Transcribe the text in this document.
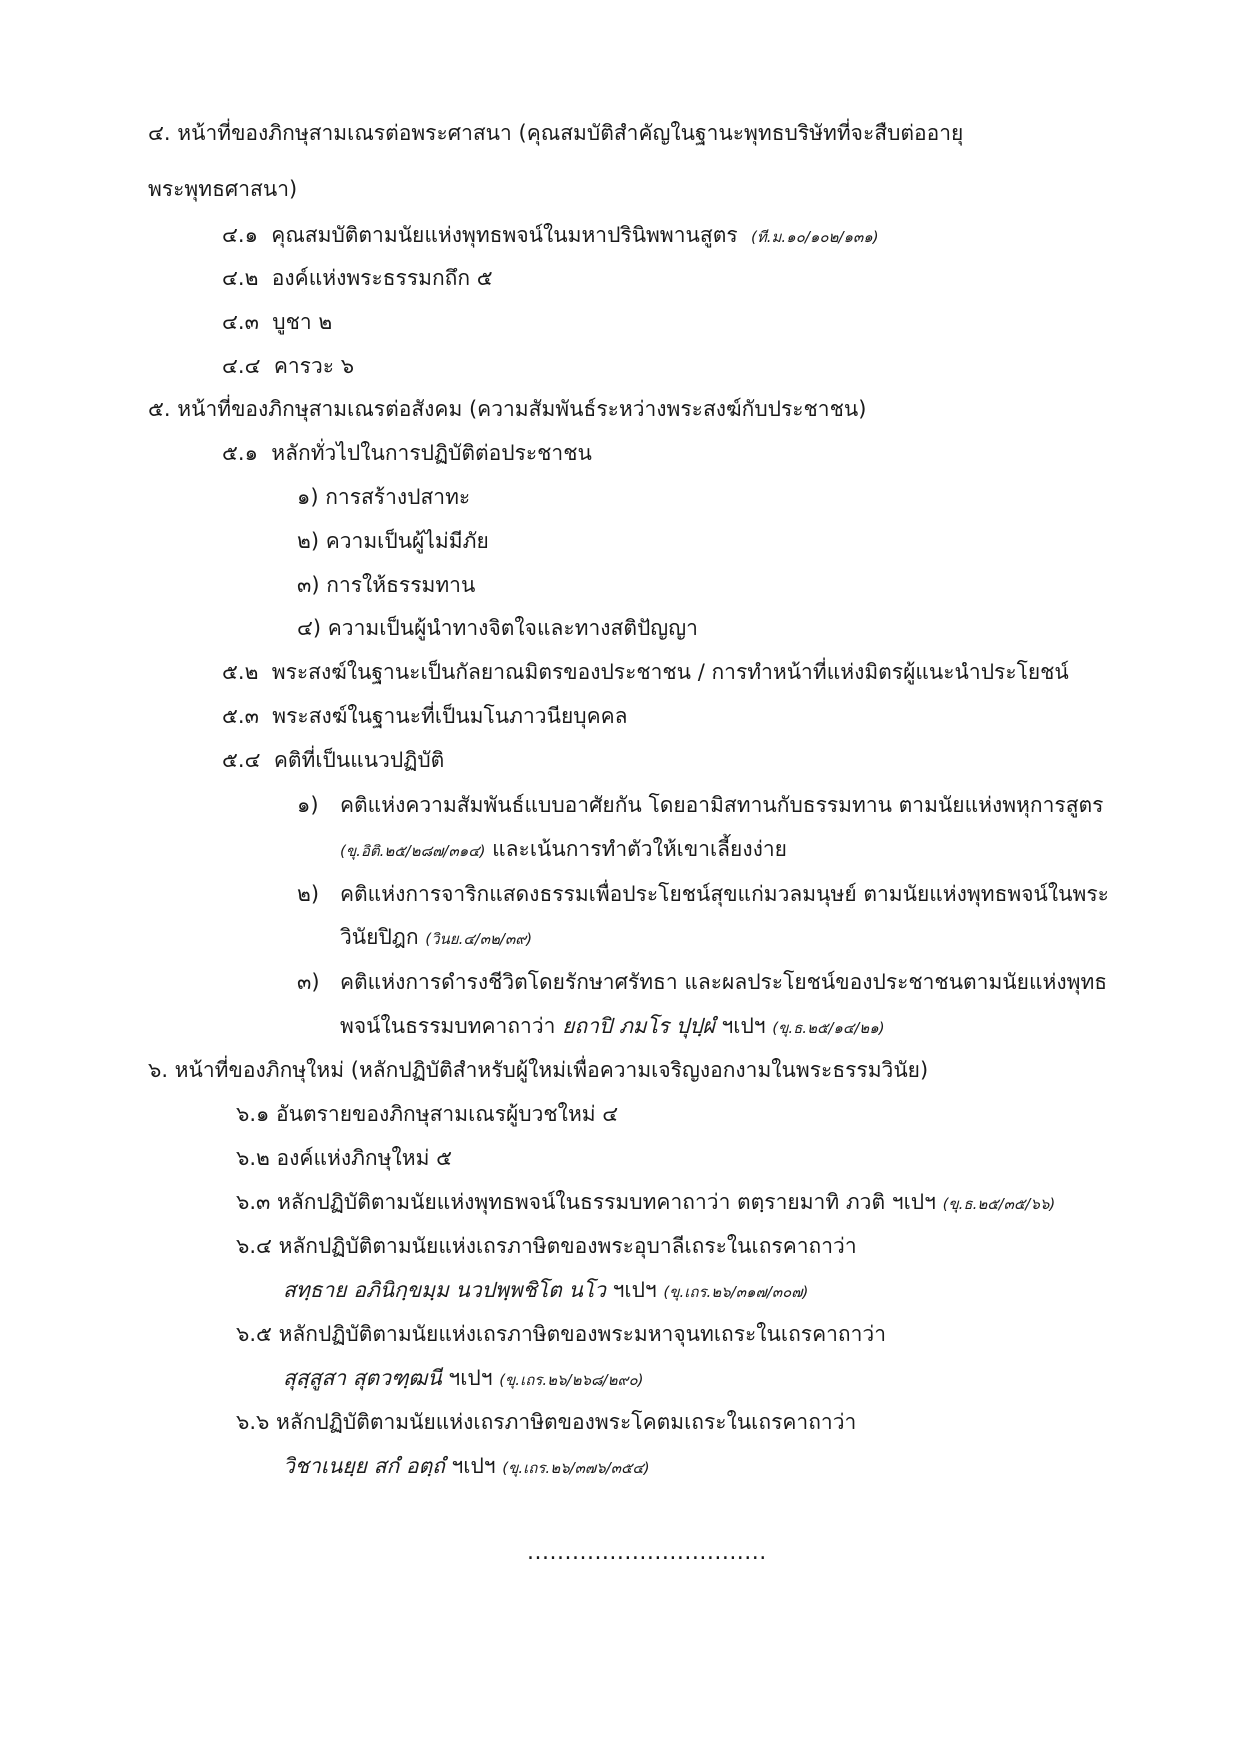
๔. หน้าที่ของภิกษุสามเณรต่อพระศาสนา (คุณสมบัติสำคัญในฐานะพุทธบริษัทที่จะสืบต่ออายุ
พระพุทธศาสนา)
๔.๑ คุณสมบัติตามนัยแห่งพุทธพจน์ในมหาปรินิพพานสูตร (ที.ม.๑๐/๑๐๒/๑๓๑)
๔.๒ องค์แห่งพระธรรมกถึก ๕
๔.๓ บูชา ๒
๔.๔ คารวะ ๖
๕. หน้าที่ของภิกษุสามเณรต่อสังคม (ความสัมพันธ์ระหว่างพระสงฆ์กับประชาชน)
๕.๑ หลักทั่วไปในการปฏิบัติต่อประชาชน
๑) การสร้างปสาทะ
๒) ความเป็นผู้ไม่มีภัย
๓) การให้ธรรมทาน
๔) ความเป็นผู้นำทางจิตใจและทางสติปัญญา
๕.๒ พระสงฆ์ในฐานะเป็นกัลยาณมิตรของประชาชน / การทำหน้าที่แห่งมิตรผู้แนะนำประโยชน์
๕.๓ พระสงฆ์ในฐานะที่เป็นมโนภาวนียบุคคล
๕.๔ คติที่เป็นแนวปฏิบัติ
๑) คติแห่งความสัมพันธ์แบบอาศัยกัน โดยอามิสทานกับธรรมทาน ตามนัยแห่งพหุการสูตร
(ขุ.อิติ.๒๕/๒๘๗/๓๑๔) และเน้นการทำตัวให้เขาเลี้ยงง่าย
๒) คติแห่งการจาริกแสดงธรรมเพื่อประโยชน์สุขแก่มวลมนุษย์ ตามนัยแห่งพุทธพจน์ในพระ
วินัยปิฎก (วินย.๔/๓๒/๓๙)
๓) คติแห่งการดำรงชีวิตโดยรักษาศรัทธา และผลประโยชน์ของประชาชนตามนัยแห่งพุทธ
พจน์ในธรรมบทคาถาว่า ยถาปิ ภมโร ปุปฺผํ ฯเปฯ (ขุ.ธ.๒๕/๑๔/๒๑)
๖. หน้าที่ของภิกษุใหม่ (หลักปฏิบัติสำหรับผู้ใหม่เพื่อความเจริญงอกงามในพระธรรมวินัย)
๖.๑ อันตรายของภิกษุสามเณรผู้บวชใหม่ ๔
๖.๒ องค์แห่งภิกษุใหม่ ๕
๖.๓ หลักปฏิบัติตามนัยแห่งพุทธพจน์ในธรรมบทคาถาว่า ตตฺรายมาทิ ภวติ ฯเปฯ (ขุ.ธ.๒๕/๓๕/๖๖)
๖.๔ หลักปฏิบัติตามนัยแห่งเถรภาษิตของพระอุบาลีเถระในเถรคาถาว่า
สทฺธาย อภินิกฺขมฺม นวปพฺพชิโต นโว ฯเปฯ (ขุ.เถร.๒๖/๓๑๗/๓๐๗)
๖.๕ หลักปฏิบัติตามนัยแห่งเถรภาษิตของพระมหาจุนทเถระในเถรคาถาว่า
สุสฺสูสา สุตวฑฺฒนี ฯเปฯ (ขุ.เถร.๒๖/๒๖๘/๒๙๐)
๖.๖ หลักปฏิบัติตามนัยแห่งเถรภาษิตของพระโคตมเถระในเถรคาถาว่า
วิชาเนยฺย สกํ อตฺถํ ฯเปฯ (ขุ.เถร.๒๖/๓๗๖/๓๕๔)
................................
